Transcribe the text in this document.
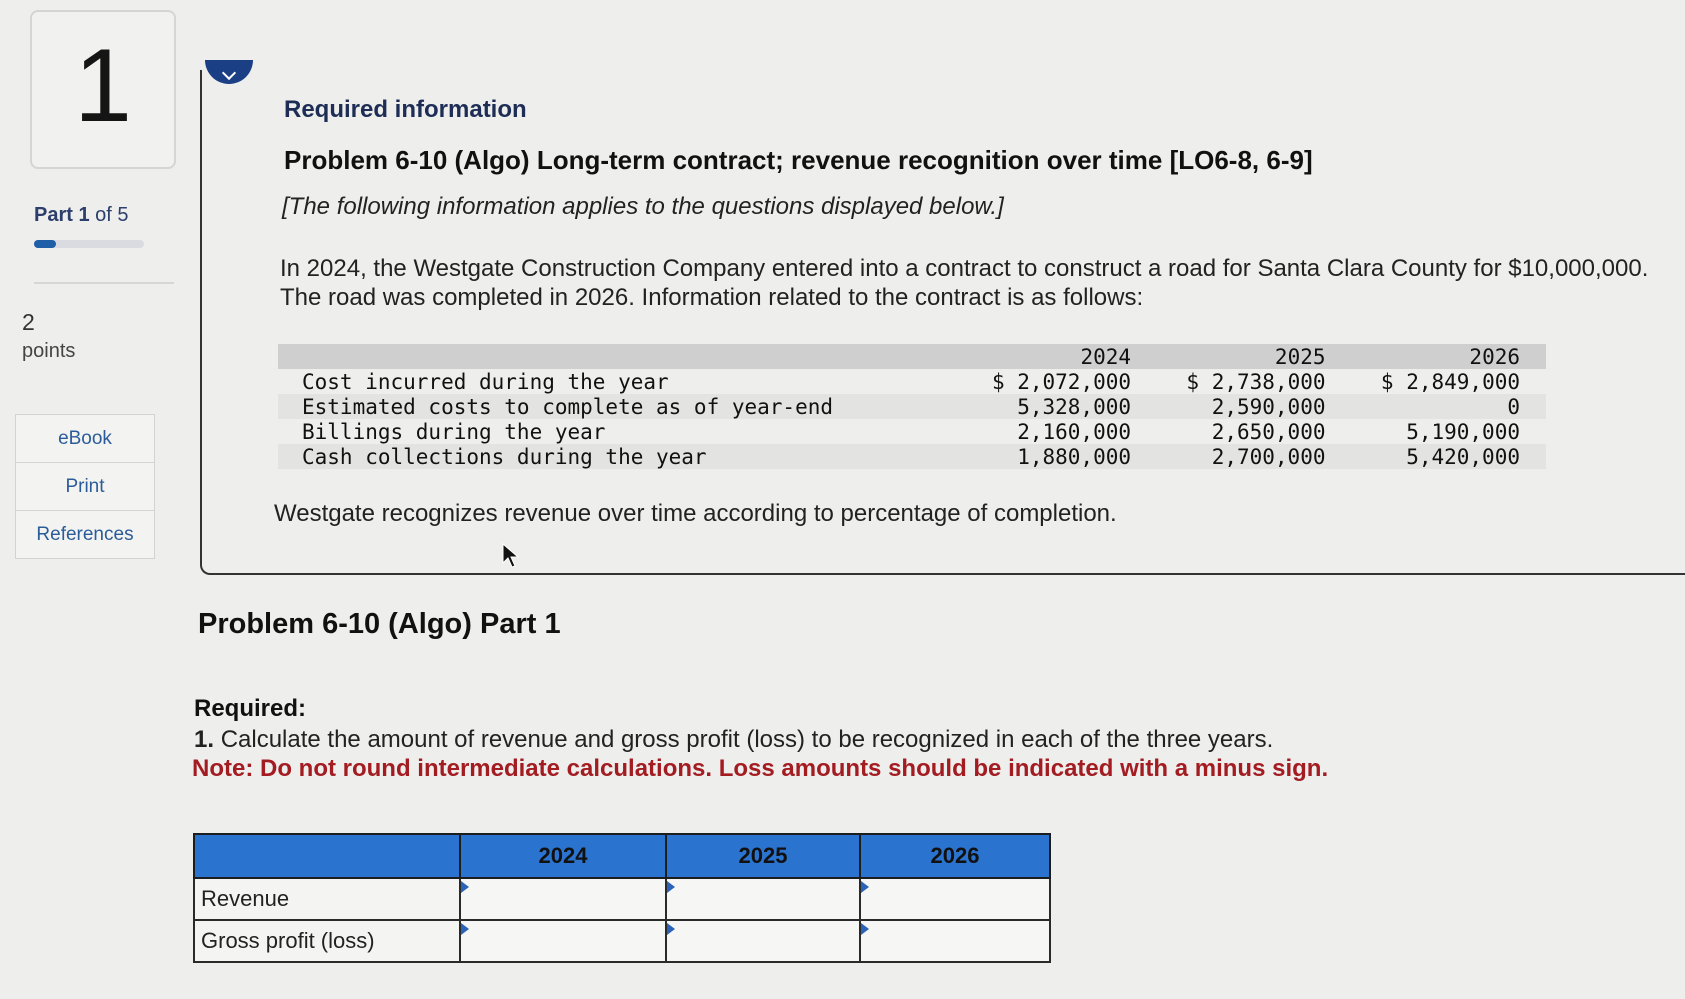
1
Part 1 of 5
2
points
eBook
Print
References
Required information
Problem 6-10 (Algo) Long-term contract; revenue recognition over time [LO6-8, 6-9]
[The following information applies to the questions displayed below.]
In 2024, the Westgate Construction Company entered into a contract to construct a road for Santa Clara County for $10,000,000. The road was completed in 2026. Information related to the contract is as follows:
	2024	2025	2026
Cost incurred during the year	$ 2,072,000	$ 2,738,000	$ 2,849,000
Estimated costs to complete as of year-end	5,328,000	2,590,000	0
Billings during the year	2,160,000	2,650,000	5,190,000
Cash collections during the year	1,880,000	2,700,000	5,420,000
Westgate recognizes revenue over time according to percentage of completion.
Problem 6-10 (Algo) Part 1
Required:
1. Calculate the amount of revenue and gross profit (loss) to be recognized in each of the three years.
Note: Do not round intermediate calculations. Loss amounts should be indicated with a minus sign.
	2024	2025	2026
Revenue			
Gross profit (loss)			
